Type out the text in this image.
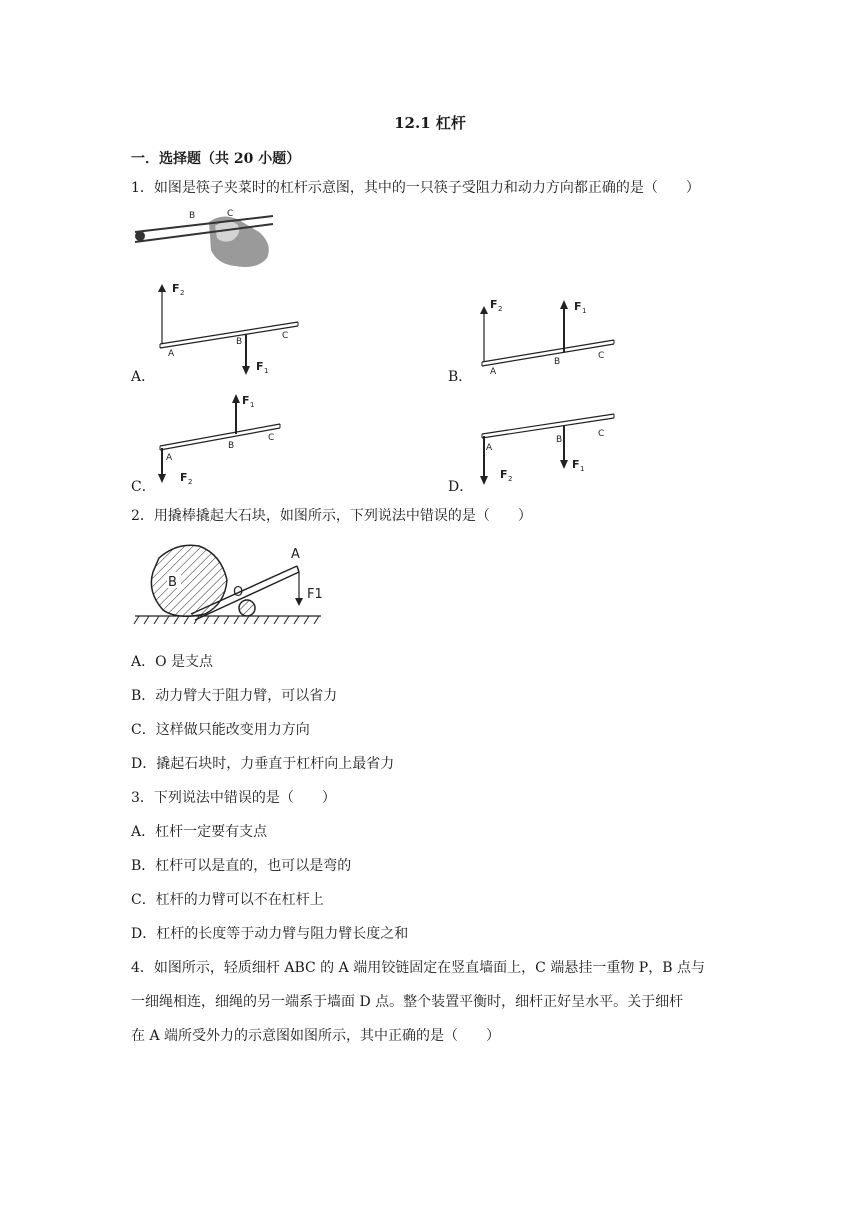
12.1 杠杆
一．选择题（共 20 小题）
1．如图是筷子夹菜时的杠杆示意图，其中的一只筷子受阻力和动力方向都正确的是（　　）
B	C
F 2
F 1
A
B
C
A．
F 2	F 1
A
B
C
B．
F 2
F 1
A
B
C
C．
F 2
F 1
A
B
C
D．
2．用撬棒撬起大石块，如图所示，下列说法中错误的是（　　）
B
O
A
F1
A．O 是支点
B．动力臂大于阻力臂，可以省力
C．这样做只能改变用力方向
D．撬起石块时，力垂直于杠杆向上最省力
3．下列说法中错误的是（　　）
A．杠杆一定要有支点
B．杠杆可以是直的，也可以是弯的
C．杠杆的力臂可以不在杠杆上
D．杠杆的长度等于动力臂与阻力臂长度之和
4．如图所示，轻质细杆 ABC 的 A 端用铰链固定在竖直墙面上，C 端悬挂一重物 P，B 点与
一细绳相连，细绳的另一端系于墙面 D 点。整个装置平衡时，细杆正好呈水平。关于细杆
在 A 端所受外力的示意图如图所示，其中正确的是（　　）
